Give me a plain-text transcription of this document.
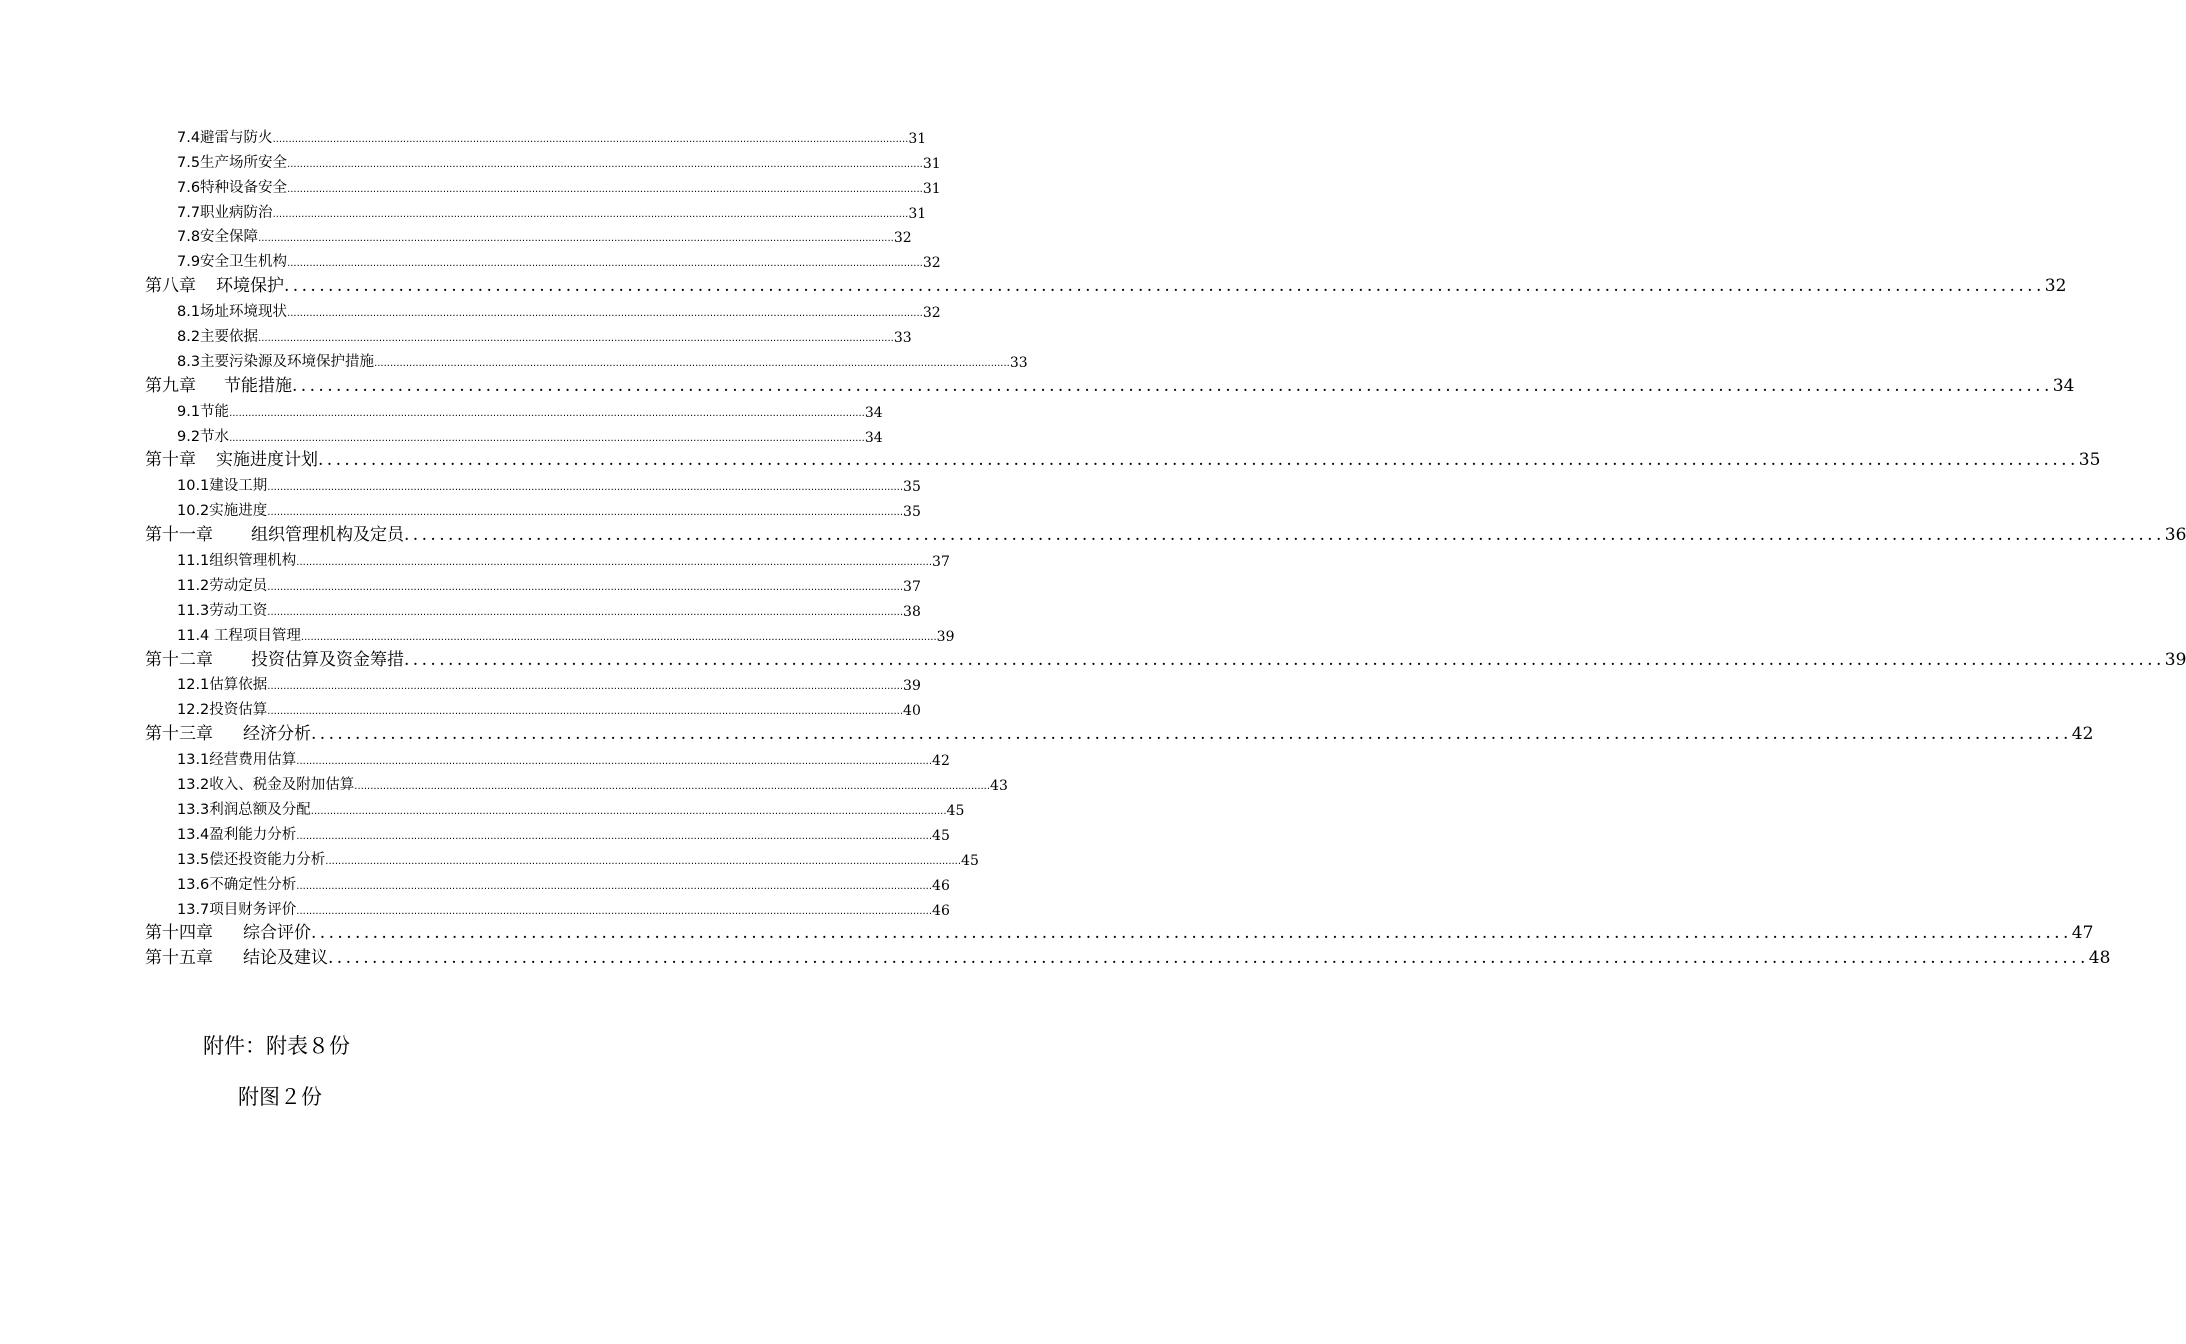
7.4避雷与防火 ........................................................................................................................................................................................................ 31
7.5生产场所安全 ........................................................................................................................................................................................................ 31
7.6特种设备安全 ........................................................................................................................................................................................................ 31
7.7职业病防治 ........................................................................................................................................................................................................ 31
7.8安全保障 ........................................................................................................................................................................................................ 32
7.9安全卫生机构 ........................................................................................................................................................................................................ 32
第八章 环境保护 ........................................................................................................................................................................................................ 32
8.1场址环境现状 ........................................................................................................................................................................................................ 32
8.2主要依据 ........................................................................................................................................................................................................ 33
8.3主要污染源及环境保护措施 ........................................................................................................................................................................................................ 33
第九章 节能措施 ........................................................................................................................................................................................................ 34
9.1节能 ........................................................................................................................................................................................................ 34
9.2节水 ........................................................................................................................................................................................................ 34
第十章 实施进度计划 ........................................................................................................................................................................................................ 35
10.1建设工期 ........................................................................................................................................................................................................ 35
10.2实施进度 ........................................................................................................................................................................................................ 35
第十一章 组织管理机构及定员 ........................................................................................................................................................................................................ 36
11.1组织管理机构 ........................................................................................................................................................................................................ 37
11.2劳动定员 ........................................................................................................................................................................................................ 37
11.3劳动工资 ........................................................................................................................................................................................................ 38
11.4 工程项目管理 ........................................................................................................................................................................................................ 39
第十二章 投资估算及资金筹措 ........................................................................................................................................................................................................ 39
12.1估算依据 ........................................................................................................................................................................................................ 39
12.2投资估算 ........................................................................................................................................................................................................ 40
第十三章 经济分析 ........................................................................................................................................................................................................ 42
13.1经营费用估算 ........................................................................................................................................................................................................ 42
13.2收入、税金及附加估算 ........................................................................................................................................................................................................ 43
13.3利润总额及分配 ........................................................................................................................................................................................................ 45
13.4盈利能力分析 ........................................................................................................................................................................................................ 45
13.5偿还投资能力分析 ........................................................................................................................................................................................................ 45
13.6不确定性分析 ........................................................................................................................................................................................................ 46
13.7项目财务评价 ........................................................................................................................................................................................................ 46
第十四章 综合评价 ........................................................................................................................................................................................................ 47
第十五章 结论及建议 ........................................................................................................................................................................................................ 48
附件：附表８份
附图２份
